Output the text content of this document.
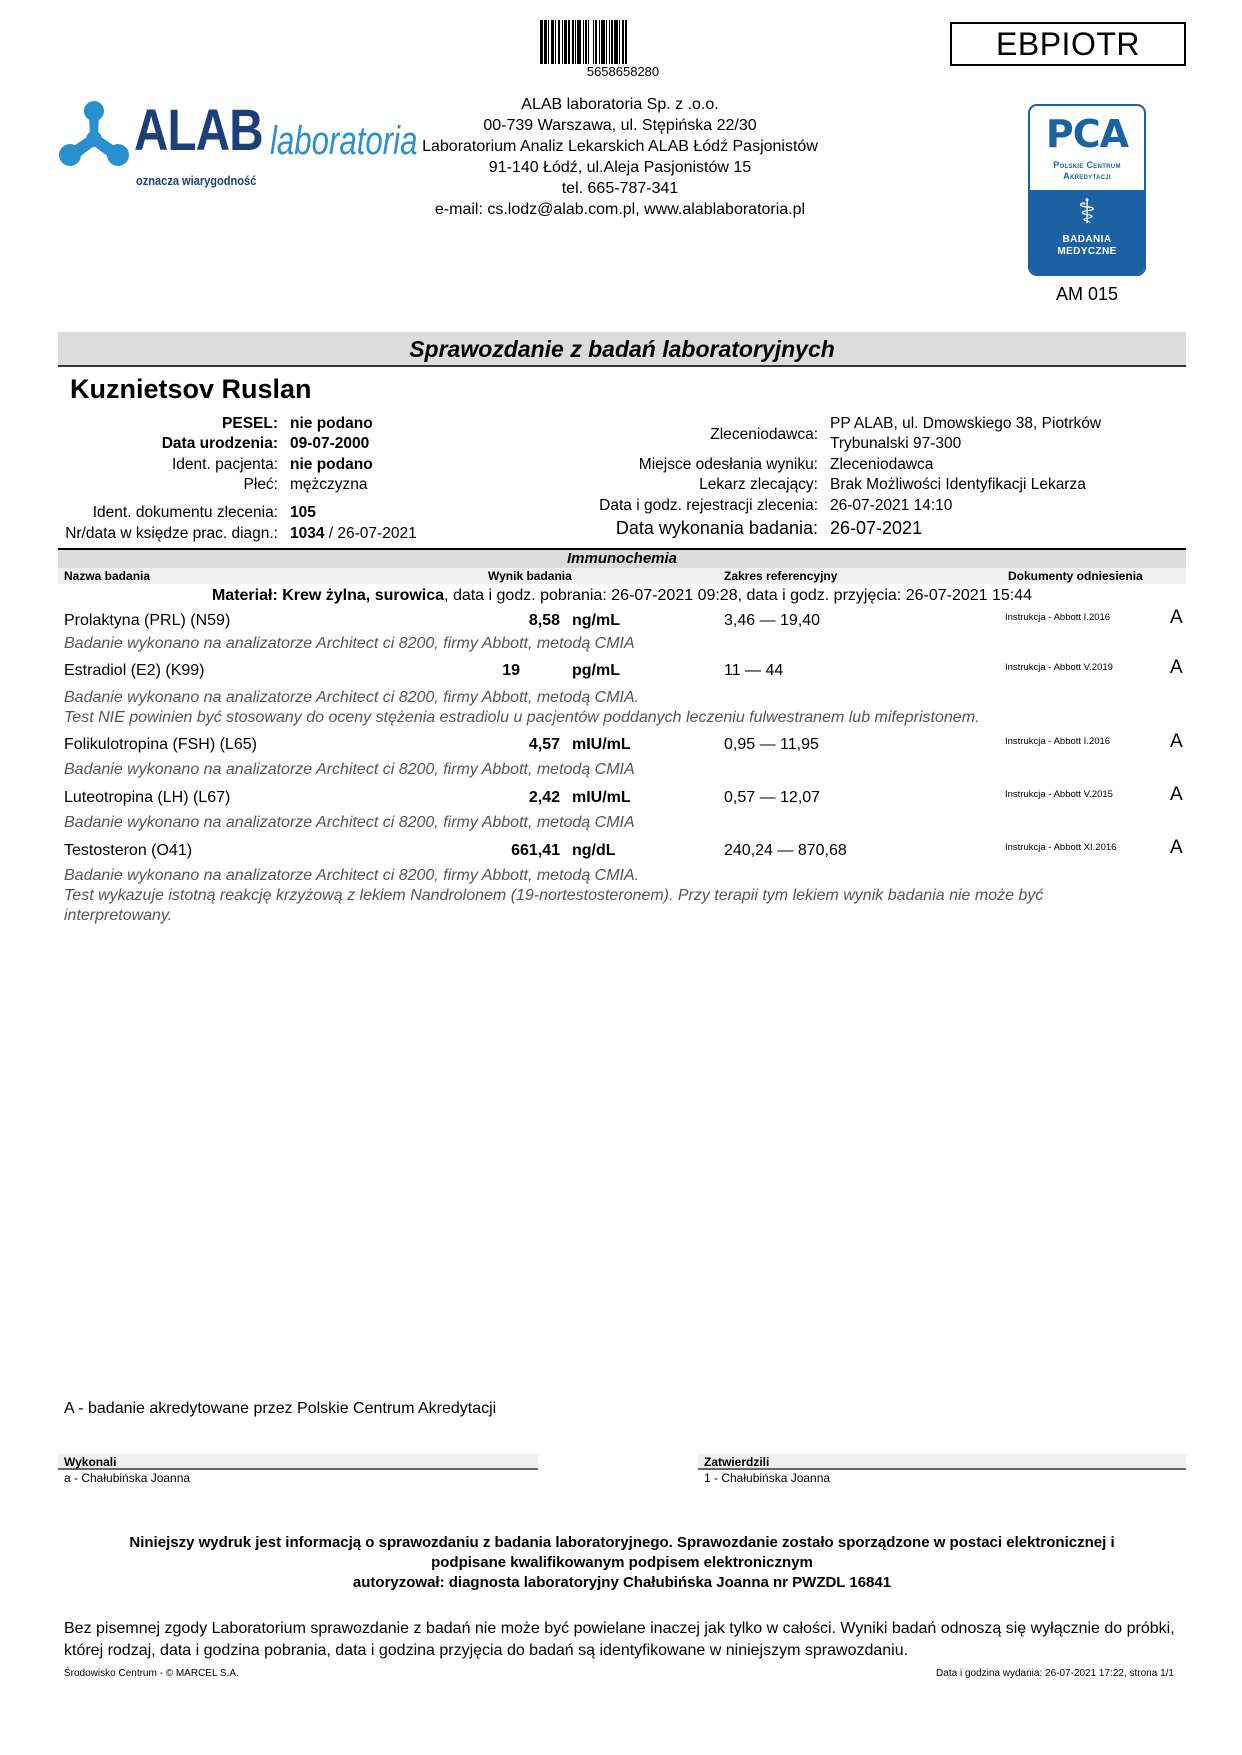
5658658280
EBPIOTR
ALAB laboratoria
oznacza wiarygodność
ALAB laboratoria Sp. z .o.o.
00-739 Warszawa, ul. Stępińska 22/30
Laboratorium Analiz Lekarskich ALAB Łódź Pasjonistów
91-140 Łódź, ul.Aleja Pasjonistów 15
tel. 665-787-341
e-mail: cs.lodz@alab.com.pl, www.alablaboratoria.pl
PCA
Polskie Centrum
Akredytacji
⚕
BADANIA
MEDYCZNE
AM 015
Sprawozdanie z badań laboratoryjnych
Kuznietsov Ruslan
PESEL: nie podano
Data urodzenia: 09-07-2000
Ident. pacjenta: nie podano
Płeć: mężczyzna
Ident. dokumentu zlecenia: 105
Nr/data w księdze prac. diagn.: 1034 / 26-07-2021
Zleceniodawca:
PP ALAB, ul. Dmowskiego 38, Piotrków
Trybunalski 97-300
Miejsce odesłania wyniku: Zleceniodawca
Lekarz zlecający: Brak Możliwości Identyfikacji Lekarza
Data i godz. rejestracji zlecenia: 26-07-2021 14:10
Data wykonania badania: 26-07-2021
Immunochemia
Nazwa badania	Wynik badania	Zakres referencyjny	Dokumenty odniesienia
Materiał: Krew żylna, surowica, data i godz. pobrania: 26-07-2021 09:28, data i godz. przyjęcia: 26-07-2021 15:44
Prolaktyna (PRL) (N59)	8,58 ng/mL	3,46 — 19,40	Instrukcja - Abbott I.2016	A
Badanie wykonano na analizatorze Architect ci 8200, firmy Abbott, metodą CMIA
Estradiol (E2) (K99)	19	pg/mL	11 — 44	Instrukcja - Abbott V.2019	A
Badanie wykonano na analizatorze Architect ci 8200, firmy Abbott, metodą CMIA.
Test NIE powinien być stosowany do oceny stężenia estradiolu u pacjentów poddanych leczeniu fulwestranem lub mifepristonem.
Folikulotropina (FSH) (L65)	4,57 mIU/mL	0,95 — 11,95	Instrukcja - Abbott I.2016	A
Badanie wykonano na analizatorze Architect ci 8200, firmy Abbott, metodą CMIA
Luteotropina (LH) (L67)	2,42 mIU/mL	0,57 — 12,07	Instrukcja - Abbott V.2015	A
Badanie wykonano na analizatorze Architect ci 8200, firmy Abbott, metodą CMIA
Testosteron (O41)	661,41 ng/dL	240,24 — 870,68	Instrukcja - Abbott XI.2016	A
Badanie wykonano na analizatorze Architect ci 8200, firmy Abbott, metodą CMIA.
Test wykazuje istotną reakcję krzyżową z lekiem Nandrolonem (19-nortestosteronem). Przy terapii tym lekiem wynik badania nie może być
interpretowany.
A - badanie akredytowane przez Polskie Centrum Akredytacji
Wykonali
a - Chałubińska Joanna
Zatwierdzili
1 - Chałubińska Joanna
Niniejszy wydruk jest informacją o sprawozdaniu z badania laboratoryjnego. Sprawozdanie zostało sporządzone w postaci elektronicznej i
podpisane kwalifikowanym podpisem elektronicznym
autoryzował: diagnosta laboratoryjny Chałubińska Joanna nr PWZDL 16841
Bez pisemnej zgody Laboratorium sprawozdanie z badań nie może być powielane inaczej jak tylko w całości. Wyniki badań odnoszą się wyłącznie do próbki, której rodzaj, data i godzina pobrania, data i godzina przyjęcia do badań są identyfikowane w niniejszym sprawozdaniu.
Środowisko Centrum - © MARCEL S.A.	Data i godzina wydania: 26-07-2021 17:22, strona 1/1
